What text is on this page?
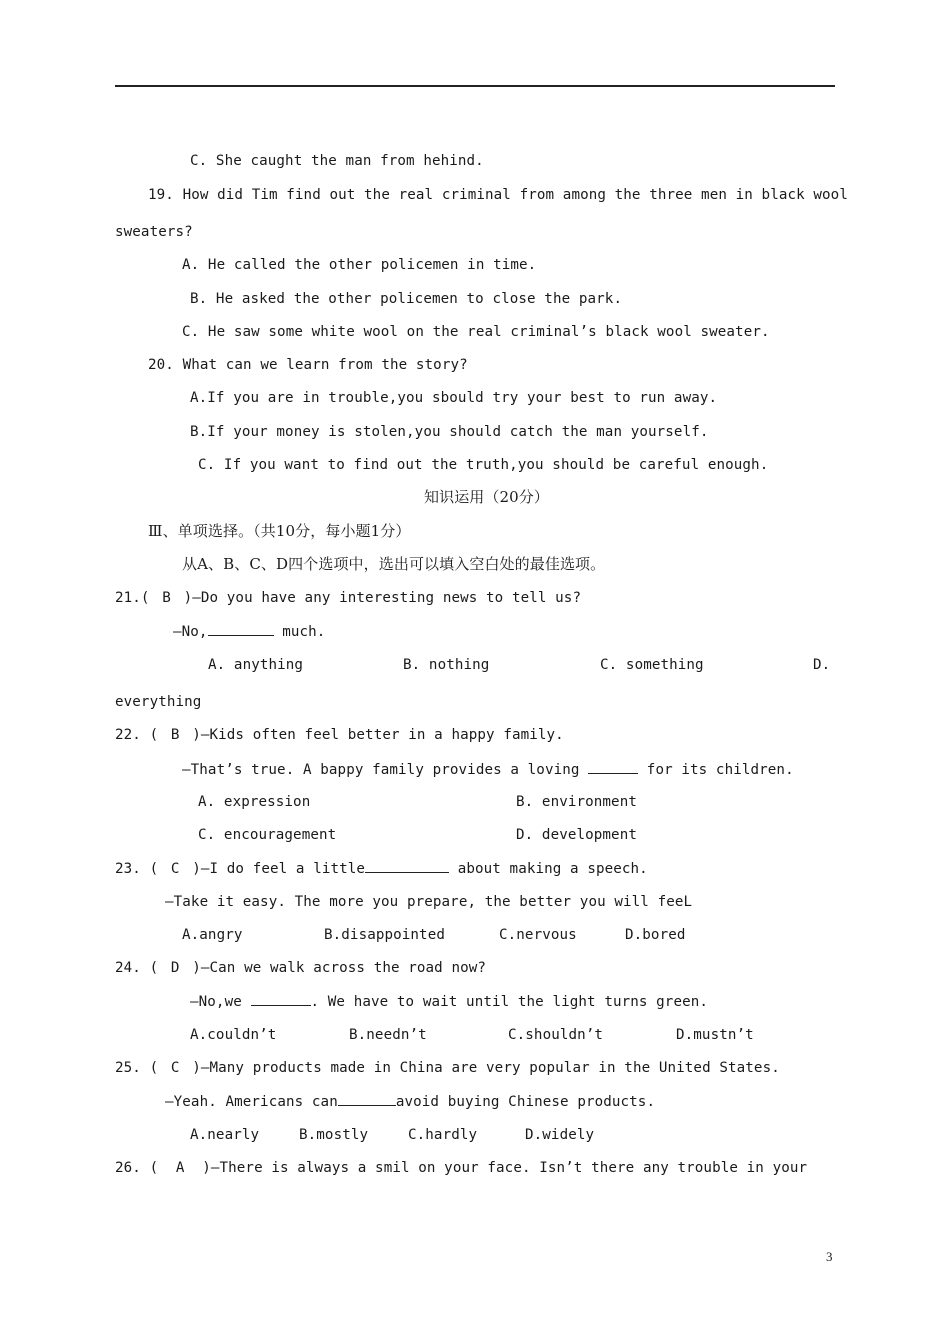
C. She caught the man from hehind.
19. How did Tim find out the real criminal from among the three men in black wool
sweaters?
A. He called the other policemen in time.
B. He asked the other policemen to close the park.
C. He saw some white wool on the real criminal’s black wool sweater.
20. What can we learn from the story?
A.If you are in trouble,you sbould try your best to run away.
B.If your money is stolen,you should catch the man yourself.
C. If you want to find out the truth,you should be careful enough.
知识运用（20分）
Ⅲ、单项选择。（共10分，每小题1分）
从A、B、C、D四个选项中，选出可以填入空白处的最佳选项。
21.( B )—Do you have any interesting news to tell us?
—No,	much.
A. anything	B. nothing	C. something	D.
everything
22. ( B )—Kids often feel better in a happy family.
—That’s true. A bappy family provides a loving	for its children.
A. expression	B. environment
C. encouragement	D. development
23. ( C )—I do feel a little	about making a speech.
—Take it easy. The more you prepare, the better you will feeL
A.angry	B.disappointed	C.nervous	D.bored
24. ( D )—Can we walk across the road now?
—No,we	. We have to wait until the light turns green.
A.couldn’t	B.needn’t	C.shouldn’t	D.mustn’t
25. ( C )—Many products made in China are very popular in the United States.
—Yeah. Americans can	avoid buying Chinese products.
A.nearly	B.mostly	C.hardly	D.widely
26. ( A )—There is always a smil on your face. Isn’t there any trouble in your
3
